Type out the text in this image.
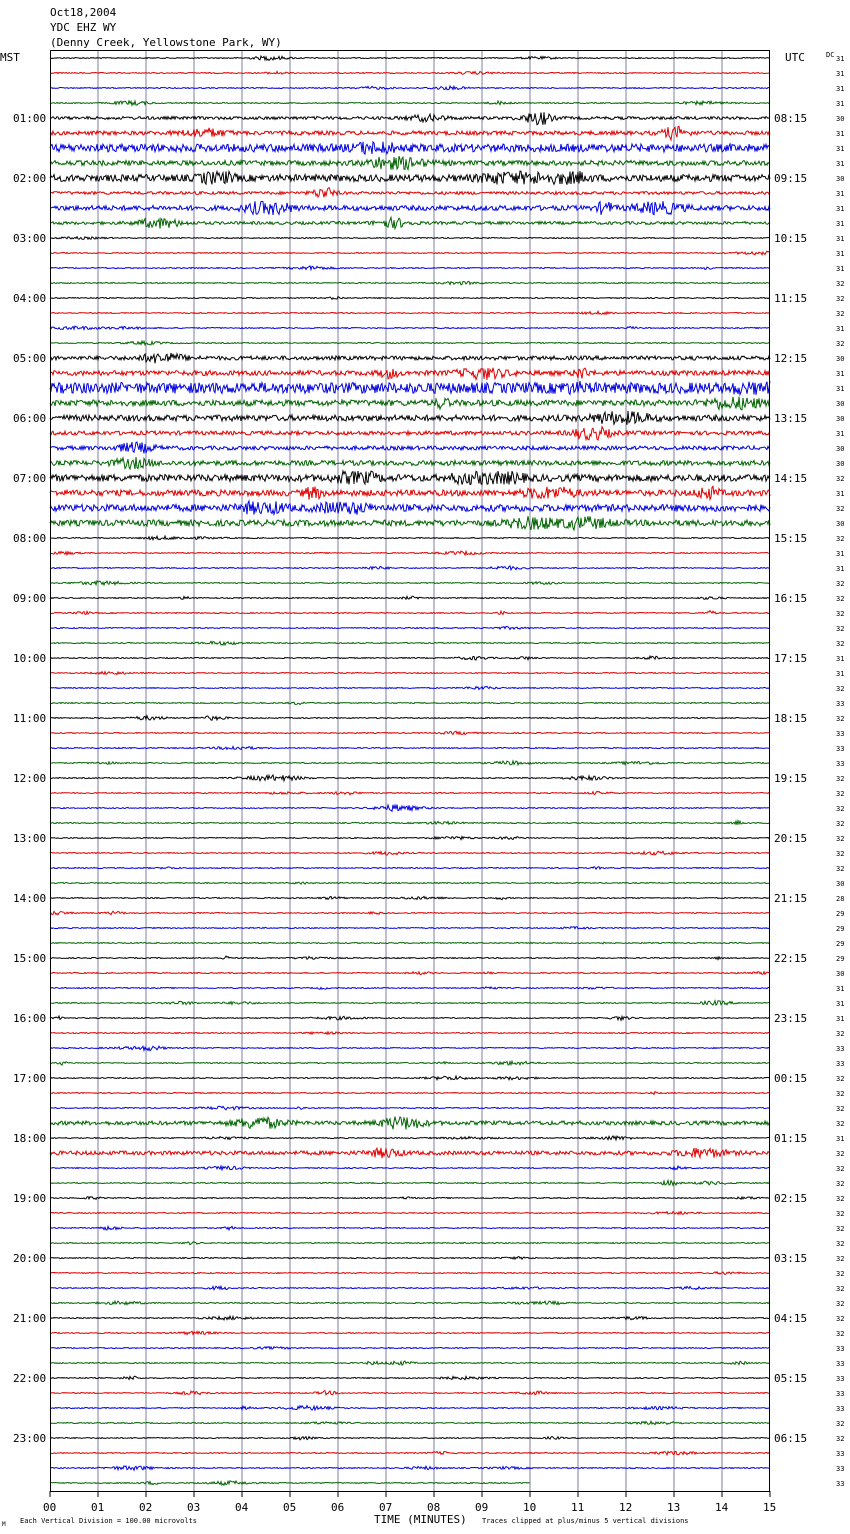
00	01	02	03	04	05	06	07	08	09	10	11	12	13	14	15
01:00
02:00
03:00
04:00
05:00
06:00
07:00
08:00
09:00
10:00
11:00
12:00
13:00
14:00
15:00
16:00
17:00
18:00
19:00
20:00
21:00
22:00
23:00
08:15
09:15
10:15
11:15
12:15
13:15
14:15
15:15
16:15
17:15
18:15
19:15
20:15
21:15
22:15
23:15
00:15
01:15
02:15
03:15
04:15
05:15
06:15
31
31
31
31
30
31
31
31
30
31
31
31
31
31
31
32
32
32
31
32
30
31
31
30
30
31
30
30
32
31
32
30
32
31
31
32
32
32
32
32
31
31
32
33
32
33
33
33
32
32
32
32
32
32
32
30
28
29
29
29
29
30
31
31
31
32
33
33
32
32
32
32
31
32
32
32
32
32
32
32
32
32
32
32
32
32
33
33
33
33
33
32
32
33
33
33
Oct18,2004
YDC EHZ WY
(Denny Creek, Yellowstone Park, WY)
MST	UTC	DC
TIME (MINUTES)
Each Vertical Division = 100.00 microvolts	Traces clipped at plus/minus 5 vertical divisions
M
